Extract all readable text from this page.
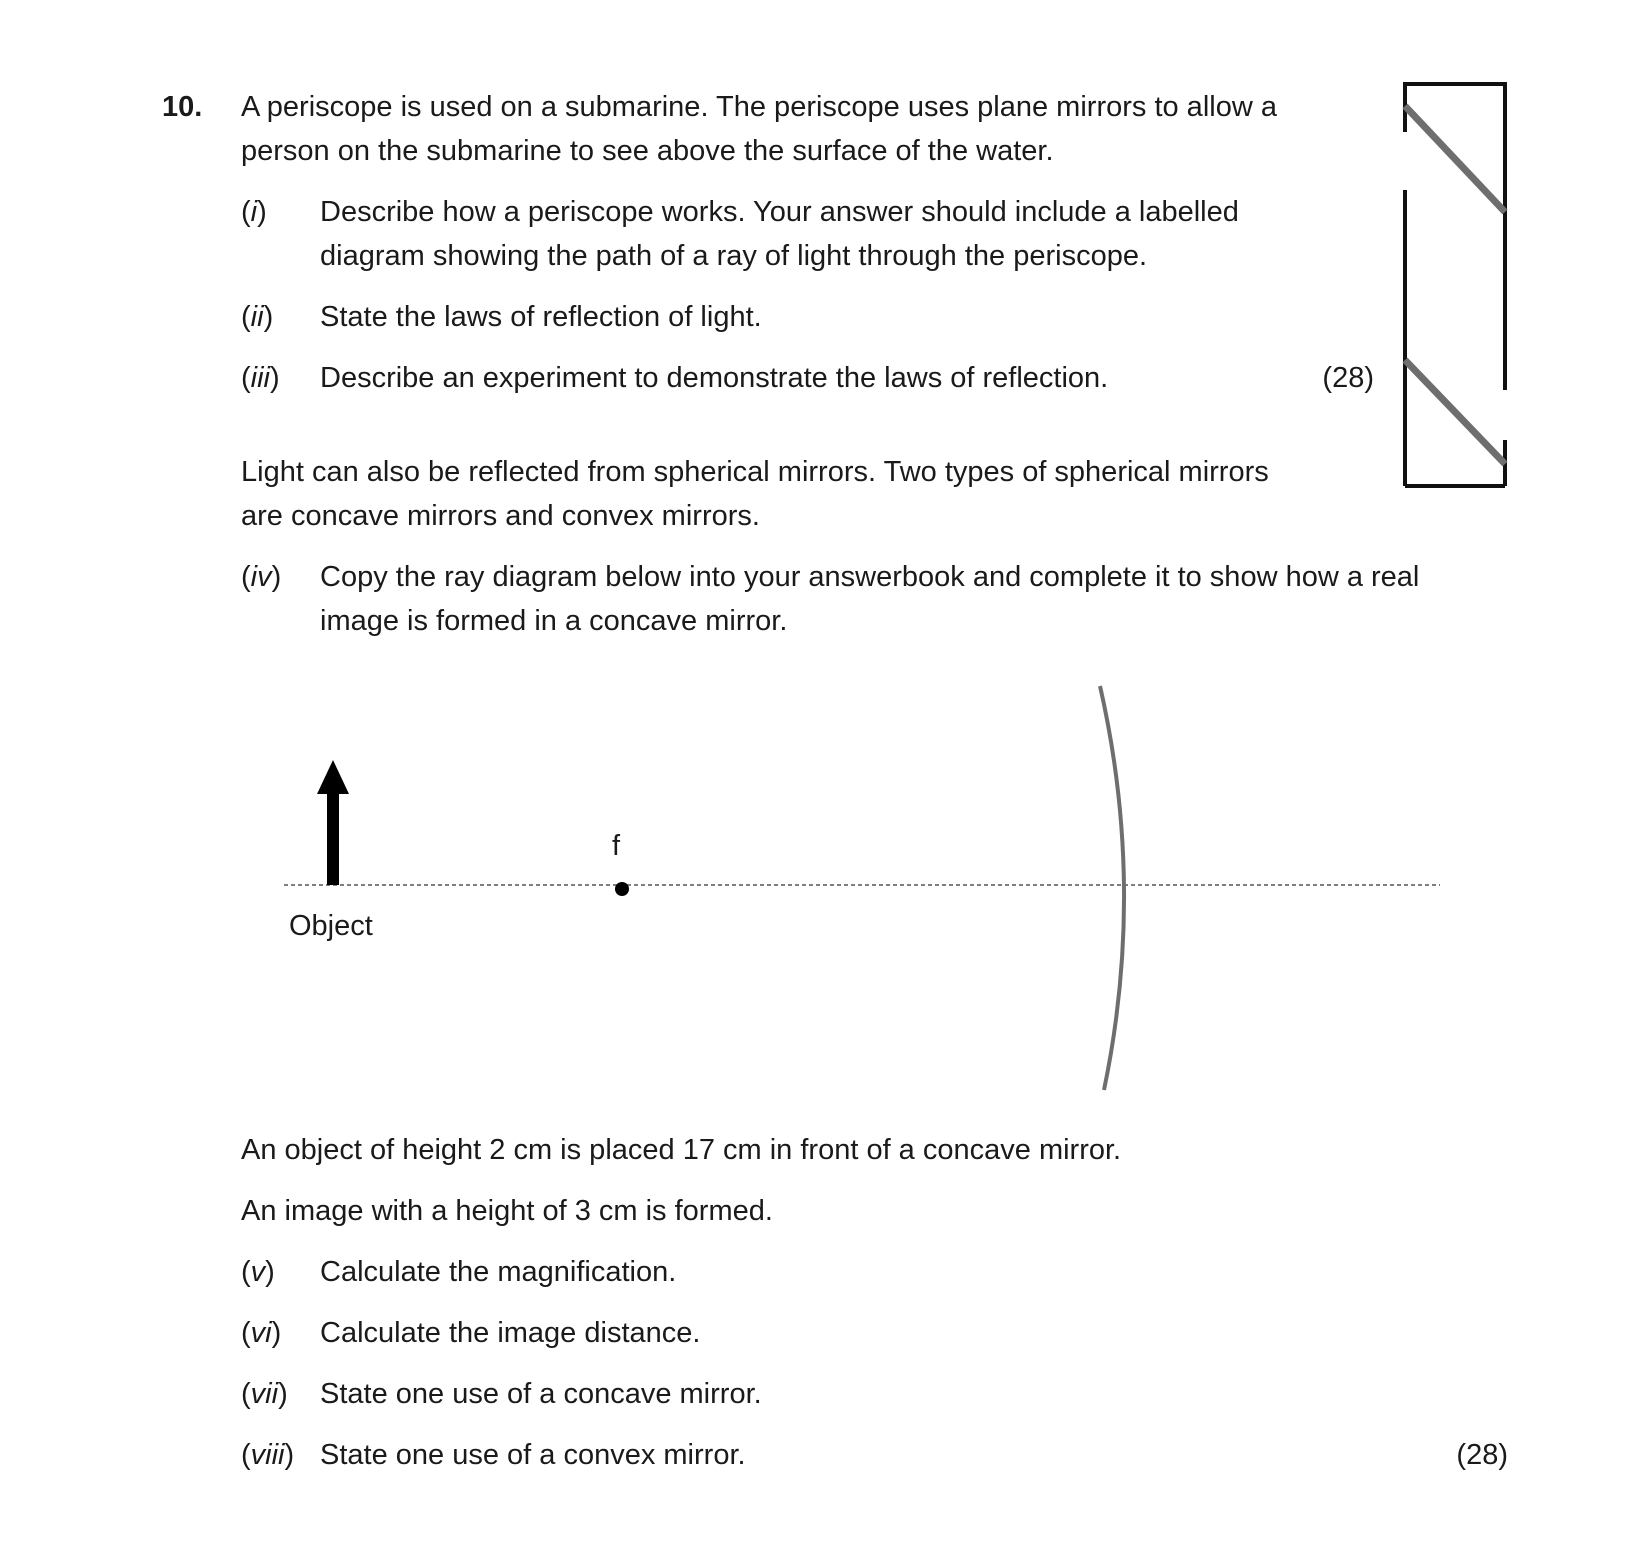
10. A periscope is used on a submarine. The periscope uses plane mirrors to allow a
person on the submarine to see above the surface of the water.
(i) Describe how a periscope works. Your answer should include a labelled
diagram showing the path of a ray of light through the periscope.
(ii) State the laws of reflection of light.
(iii) Describe an experiment to demonstrate the laws of reflection.	(28)
Light can also be reflected from spherical mirrors. Two types of spherical mirrors
are concave mirrors and convex mirrors.
(iv) Copy the ray diagram below into your answerbook and complete it to show how a real
image is formed in a concave mirror.
f
Object
An object of height 2 cm is placed 17 cm in front of a concave mirror.
An image with a height of 3 cm is formed.
(v) Calculate the magnification.
(vi) Calculate the image distance.
(vii) State one use of a concave mirror.
(viii) State one use of a convex mirror.	(28)
